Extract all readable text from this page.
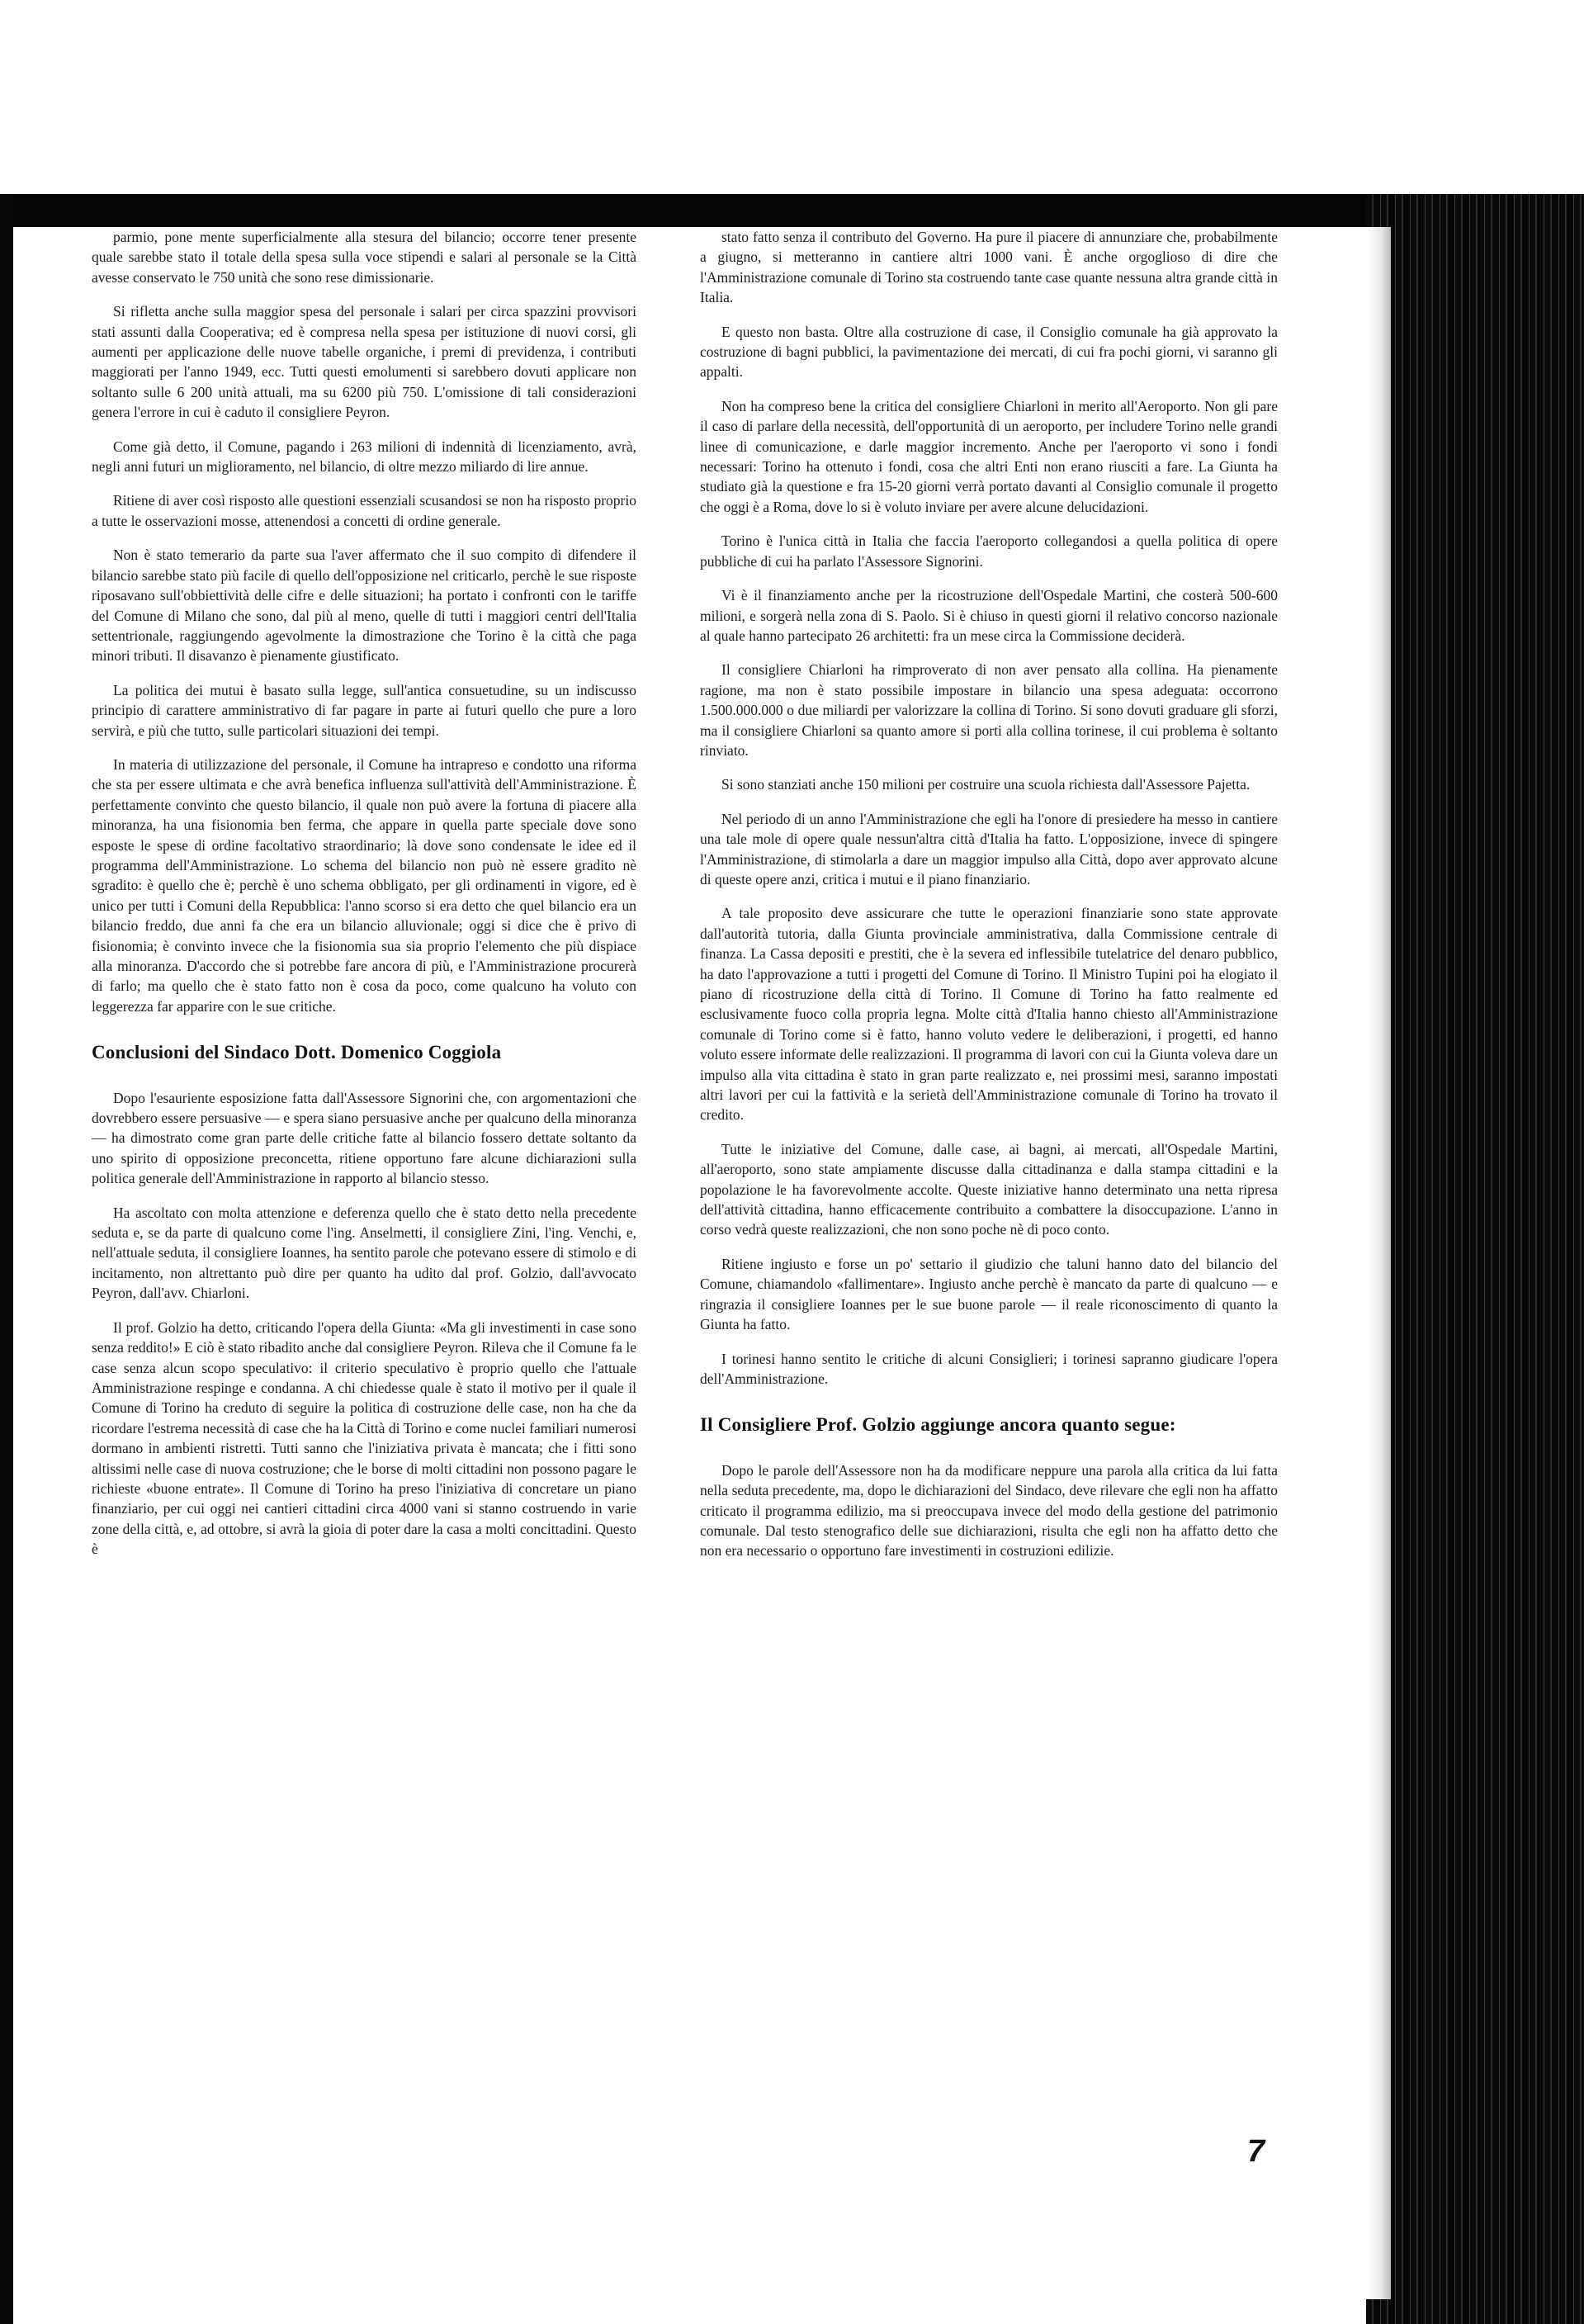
parmio, pone mente superficialmente alla stesura del bilancio; occorre tener presente quale sarebbe stato il totale della spesa sulla voce stipendi e salari al personale se la Città avesse conservato le 750 unità che sono rese dimissionarie.

Si rifletta anche sulla maggior spesa del personale i salari per circa spazzini provvisori stati assunti dalla Cooperativa; ed è compresa nella spesa per istituzione di nuovi corsi, gli aumenti per applicazione delle nuove tabelle organiche, i premi di previdenza, i contributi maggiorati per l'anno 1949, ecc. Tutti questi emolumenti si sarebbero dovuti applicare non soltanto sulle 6 200 unità attuali, ma su 6200 più 750. L'omissione di tali considerazioni genera l'errore in cui è caduto il consigliere Peyron.

Come già detto, il Comune, pagando i 263 milioni di indennità di licenziamento, avrà, negli anni futuri un miglioramento, nel bilancio, di oltre mezzo miliardo di lire annue.

Ritiene di aver così risposto alle questioni essenziali scusandosi se non ha risposto proprio a tutte le osservazioni mosse, attenendosi a concetti di ordine generale.

Non è stato temerario da parte sua l'aver affermato che il suo compito di difendere il bilancio sarebbe stato più facile di quello dell'opposizione nel criticarlo, perchè le sue risposte riposavano sull'obbiettività delle cifre e delle situazioni; ha portato i confronti con le tariffe del Comune di Milano che sono, dal più al meno, quelle di tutti i maggiori centri dell'Italia settentrionale, raggiungendo agevolmente la dimostrazione che Torino è la città che paga minori tributi. Il disavanzo è pienamente giustificato.

La politica dei mutui è basato sulla legge, sull'antica consuetudine, su un indiscusso principio di carattere amministrativo di far pagare in parte ai futuri quello che pure a loro servirà, e più che tutto, sulle particolari situazioni dei tempi.

In materia di utilizzazione del personale, il Comune ha intrapreso e condotto una riforma che sta per essere ultimata e che avrà benefica influenza sull'attività dell'Amministrazione. È perfettamente convinto che questo bilancio, il quale non può avere la fortuna di piacere alla minoranza, ha una fisionomia ben ferma, che appare in quella parte speciale dove sono esposte le spese di ordine facoltativo straordinario; là dove sono condensate le idee ed il programma dell'Amministrazione. Lo schema del bilancio non può nè essere gradito nè sgradito: è quello che è; perchè è uno schema obbligato, per gli ordinamenti in vigore, ed è unico per tutti i Comuni della Repubblica: l'anno scorso si era detto che quel bilancio era un bilancio freddo, due anni fa che era un bilancio alluvionale; oggi si dice che è privo di fisionomia; è convinto invece che la fisionomia sua sia proprio l'elemento che più dispiace alla minoranza. D'accordo che si potrebbe fare ancora di più, e l'Amministrazione procurerà di farlo; ma quello che è stato fatto non è cosa da poco, come qualcuno ha voluto con leggerezza far apparire con le sue critiche.

Conclusioni del Sindaco Dott. Domenico Coggiola

Dopo l'esauriente esposizione fatta dall'Assessore Signorini che, con argomentazioni che dovrebbero essere persuasive — e spera siano persuasive anche per qualcuno della minoranza — ha dimostrato come gran parte delle critiche fatte al bilancio fossero dettate soltanto da uno spirito di opposizione preconcetta, ritiene opportuno fare alcune dichiarazioni sulla politica generale dell'Amministrazione in rapporto al bilancio stesso.

Ha ascoltato con molta attenzione e deferenza quello che è stato detto nella precedente seduta e, se da parte di qualcuno come l'ing. Anselmetti, il consigliere Zini, l'ing. Venchi, e, nell'attuale seduta, il consigliere Ioannes, ha sentito parole che potevano essere di stimolo e di incitamento, non altrettanto può dire per quanto ha udito dal prof. Golzio, dall'avvocato Peyron, dall'avv. Chiarloni.

Il prof. Golzio ha detto, criticando l'opera della Giunta: «Ma gli investimenti in case sono senza reddito!» E ciò è stato ribadito anche dal consigliere Peyron. Rileva che il Comune fa le case senza alcun scopo speculativo: il criterio speculativo è proprio quello che l'attuale Amministrazione respinge e condanna. A chi chiedesse quale è stato il motivo per il quale il Comune di Torino ha creduto di seguire la politica di costruzione delle case, non ha che da ricordare l'estrema necessità di case che ha la Città di Torino e come nuclei familiari numerosi dormano in ambienti ristretti. Tutti sanno che l'iniziativa privata è mancata; che i fitti sono altissimi nelle case di nuova costruzione; che le borse di molti cittadini non possono pagare le richieste «buone entrate». Il Comune di Torino ha preso l'iniziativa di concretare un piano finanziario, per cui oggi nei cantieri cittadini circa 4000 vani si stanno costruendo in varie zone della città, e, ad ottobre, si avrà la gioia di poter dare la casa a molti concittadini. Questo è

stato fatto senza il contributo del Governo. Ha pure il piacere di annunziare che, probabilmente a giugno, si metteranno in cantiere altri 1000 vani. È anche orgoglioso di dire che l'Amministrazione comunale di Torino sta costruendo tante case quante nessuna altra grande città in Italia.

E questo non basta. Oltre alla costruzione di case, il Consiglio comunale ha già approvato la costruzione di bagni pubblici, la pavimentazione dei mercati, di cui fra pochi giorni, vi saranno gli appalti.

Non ha compreso bene la critica del consigliere Chiarloni in merito all'Aeroporto. Non gli pare il caso di parlare della necessità, dell'opportunità di un aeroporto, per includere Torino nelle grandi linee di comunicazione, e darle maggior incremento. Anche per l'aeroporto vi sono i fondi necessari: Torino ha ottenuto i fondi, cosa che altri Enti non erano riusciti a fare. La Giunta ha studiato già la questione e fra 15-20 giorni verrà portato davanti al Consiglio comunale il progetto che oggi è a Roma, dove lo si è voluto inviare per avere alcune delucidazioni.

Torino è l'unica città in Italia che faccia l'aeroporto collegandosi a quella politica di opere pubbliche di cui ha parlato l'Assessore Signorini.

Vi è il finanziamento anche per la ricostruzione dell'Ospedale Martini, che costerà 500-600 milioni, e sorgerà nella zona di S. Paolo. Si è chiuso in questi giorni il relativo concorso nazionale al quale hanno partecipato 26 architetti: fra un mese circa la Commissione deciderà.

Il consigliere Chiarloni ha rimproverato di non aver pensato alla collina. Ha pienamente ragione, ma non è stato possibile impostare in bilancio una spesa adeguata: occorrono 1.500.000.000 o due miliardi per valorizzare la collina di Torino. Si sono dovuti graduare gli sforzi, ma il consigliere Chiarloni sa quanto amore si porti alla collina torinese, il cui problema è soltanto rinviato.

Si sono stanziati anche 150 milioni per costruire una scuola richiesta dall'Assessore Pajetta.

Nel periodo di un anno l'Amministrazione che egli ha l'onore di presiedere ha messo in cantiere una tale mole di opere quale nessun'altra città d'Italia ha fatto. L'opposizione, invece di spingere l'Amministrazione, di stimolarla a dare un maggior impulso alla Città, dopo aver approvato alcune di queste opere anzi, critica i mutui e il piano finanziario.

A tale proposito deve assicurare che tutte le operazioni finanziarie sono state approvate dall'autorità tutoria, dalla Giunta provinciale amministrativa, dalla Commissione centrale di finanza. La Cassa depositi e prestiti, che è la severa ed inflessibile tutelatrice del denaro pubblico, ha dato l'approvazione a tutti i progetti del Comune di Torino. Il Ministro Tupini poi ha elogiato il piano di ricostruzione della città di Torino. Il Comune di Torino ha fatto realmente ed esclusivamente fuoco colla propria legna. Molte città d'Italia hanno chiesto all'Amministrazione comunale di Torino come si è fatto, hanno voluto vedere le deliberazioni, i progetti, ed hanno voluto essere informate delle realizzazioni. Il programma di lavori con cui la Giunta voleva dare un impulso alla vita cittadina è stato in gran parte realizzato e, nei prossimi mesi, saranno impostati altri lavori per cui la fattività e la serietà dell'Amministrazione comunale di Torino ha trovato il credito.

Tutte le iniziative del Comune, dalle case, ai bagni, ai mercati, all'Ospedale Martini, all'aeroporto, sono state ampiamente discusse dalla cittadinanza e dalla stampa cittadini e la popolazione le ha favorevolmente accolte. Queste iniziative hanno determinato una netta ripresa dell'attività cittadina, hanno efficacemente contribuito a combattere la disoccupazione. L'anno in corso vedrà queste realizzazioni, che non sono poche nè di poco conto.

Ritiene ingiusto e forse un po' settario il giudizio che taluni hanno dato del bilancio del Comune, chiamandolo «fallimentare». Ingiusto anche perchè è mancato da parte di qualcuno — e ringrazia il consigliere Ioannes per le sue buone parole — il reale riconoscimento di quanto la Giunta ha fatto.

I torinesi hanno sentito le critiche di alcuni Consiglieri; i torinesi sapranno giudicare l'opera dell'Amministrazione.

Il Consigliere Prof. Golzio aggiunge ancora quanto segue:

Dopo le parole dell'Assessore non ha da modificare neppure una parola alla critica da lui fatta nella seduta precedente, ma, dopo le dichiarazioni del Sindaco, deve rilevare che egli non ha affatto criticato il programma edilizio, ma si preoccupava invece del modo della gestione del patrimonio comunale. Dal testo stenografico delle sue dichiarazioni, risulta che egli non ha affatto detto che non era necessario o opportuno fare investimenti in costruzioni edilizie.

7
